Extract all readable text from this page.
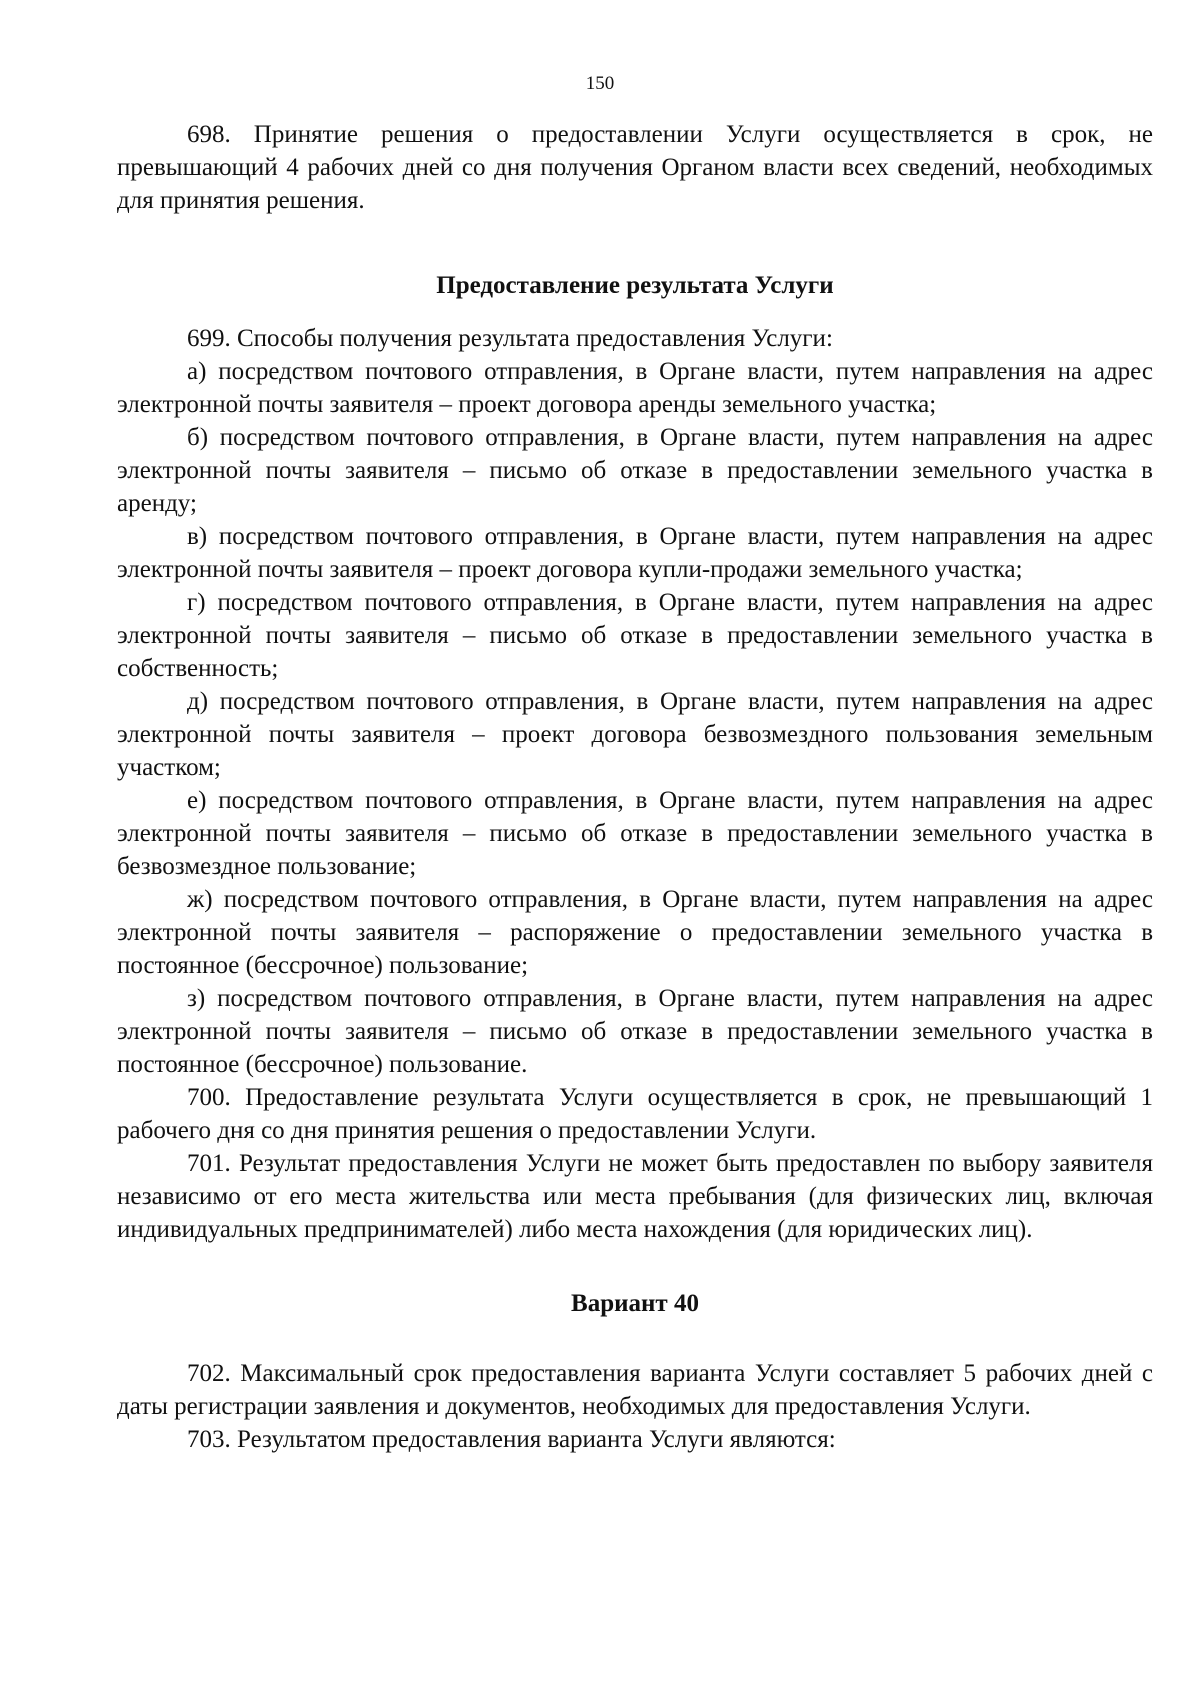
150

698. Принятие решения о предоставлении Услуги осуществляется в срок, не превышающий 4 рабочих дней со дня получения Органом власти всех сведений, необходимых для принятия решения.

Предоставление результата Услуги

699. Способы получения результата предоставления Услуги:

а) посредством почтового отправления, в Органе власти, путем направления на адрес электронной почты заявителя – проект договора аренды земельного участка;

б) посредством почтового отправления, в Органе власти, путем направления на адрес электронной почты заявителя – письмо об отказе в предоставлении земельного участка в аренду;

в) посредством почтового отправления, в Органе власти, путем направления на адрес электронной почты заявителя – проект договора купли-продажи земельного участка;

г) посредством почтового отправления, в Органе власти, путем направления на адрес электронной почты заявителя – письмо об отказе в предоставлении земельного участка в собственность;

д) посредством почтового отправления, в Органе власти, путем направления на адрес электронной почты заявителя – проект договора безвозмездного пользования земельным участком;

е) посредством почтового отправления, в Органе власти, путем направления на адрес электронной почты заявителя – письмо об отказе в предоставлении земельного участка в безвозмездное пользование;

ж) посредством почтового отправления, в Органе власти, путем направления на адрес электронной почты заявителя – распоряжение о предоставлении земельного участка в постоянное (бессрочное) пользование;

з) посредством почтового отправления, в Органе власти, путем направления на адрес электронной почты заявителя – письмо об отказе в предоставлении земельного участка в постоянное (бессрочное) пользование.

700. Предоставление результата Услуги осуществляется в срок, не превышающий 1 рабочего дня со дня принятия решения о предоставлении Услуги.

701. Результат предоставления Услуги не может быть предоставлен по выбору заявителя независимо от его места жительства или места пребывания (для физических лиц, включая индивидуальных предпринимателей) либо места нахождения (для юридических лиц).

Вариант 40

702. Максимальный срок предоставления варианта Услуги составляет 5 рабочих дней с даты регистрации заявления и документов, необходимых для предоставления Услуги.

703. Результатом предоставления варианта Услуги являются:
